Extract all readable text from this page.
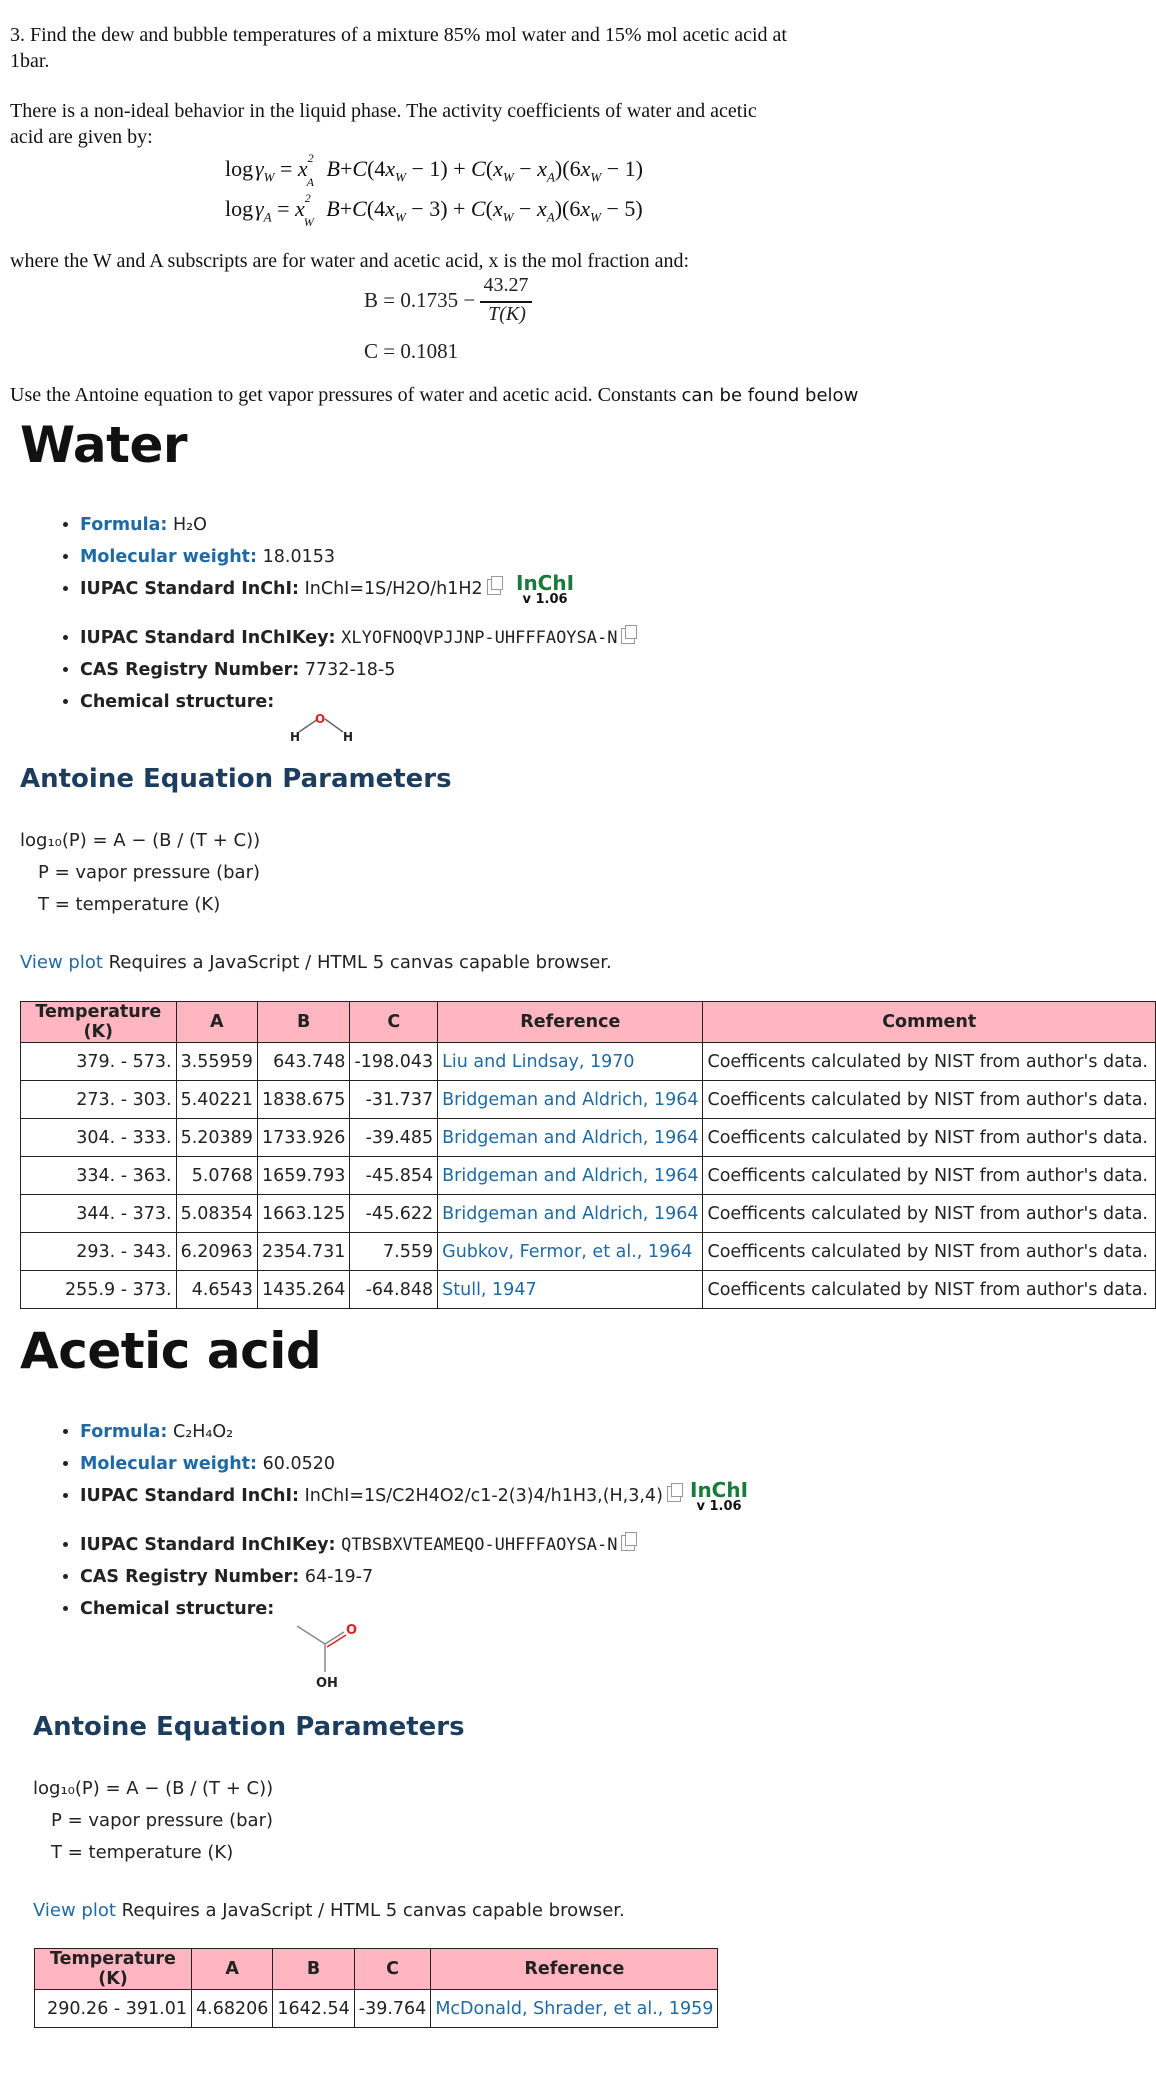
3. Find the dew and bubble temperatures of a mixture 85% mol water and 15% mol acetic acid at
1bar.
There is a non-ideal behavior in the liquid phase. The activity coefficients of water and acetic
acid are given by:
log $\gamma_W = x^2_A$ $B+C(4x_W - 1) + C(x_W - x_A)(6x_W - 1)$
log $\gamma_A = x^2_W$ $B+C(4x_W - 3) + C(x_W - x_A)(6x_W - 5)$
where the W and A subscripts are for water and acetic acid, x is the mol fraction and:
B = 0.1735 −
43.27
T(K)
C = 0.1081
Use the Antoine equation to get vapor pressures of water and acetic acid. Constants can be found below
Water
• Formula: H₂O
• Molecular weight: 18.0153
• IUPAC Standard InChI: InChI=1S/H2O/h1H2	InChI
v 1.06
• IUPAC Standard InChIKey: XLYOFNOQVPJJNP-UHFFFAOYSA-N
• CAS Registry Number: 7732-18-5
• Chemical structure:
O
H	H
Antoine Equation Parameters
log₁₀(P) = A − (B / (T + C))
P = vapor pressure (bar)
T = temperature (K)
View plot Requires a JavaScript / HTML 5 canvas capable browser.
Temperature (K)	A	B	C	Reference	Comment
379. - 573.	3.55959	643.748	-198.043	Liu and Lindsay, 1970	Coefficents calculated by NIST from author's data.
273. - 303.	5.40221	1838.675	-31.737	Bridgeman and Aldrich, 1964	Coefficents calculated by NIST from author's data.
304. - 333.	5.20389	1733.926	-39.485	Bridgeman and Aldrich, 1964	Coefficents calculated by NIST from author's data.
334. - 363.	5.0768	1659.793	-45.854	Bridgeman and Aldrich, 1964	Coefficents calculated by NIST from author's data.
344. - 373.	5.08354	1663.125	-45.622	Bridgeman and Aldrich, 1964	Coefficents calculated by NIST from author's data.
293. - 343.	6.20963	2354.731	7.559	Gubkov, Fermor, et al., 1964	Coefficents calculated by NIST from author's data.
255.9 - 373.	4.6543	1435.264	-64.848	Stull, 1947	Coefficents calculated by NIST from author's data.
Acetic acid
• Formula: C₂H₄O₂
• Molecular weight: 60.0520
• IUPAC Standard InChI: InChI=1S/C2H4O2/c1-2(3)4/h1H3,(H,3,4)	InChI
v 1.06
• IUPAC Standard InChIKey: QTBSBXVTEAMEQO-UHFFFAOYSA-N
• CAS Registry Number: 64-19-7
• Chemical structure:
O
OH
Antoine Equation Parameters
log₁₀(P) = A − (B / (T + C))
P = vapor pressure (bar)
T = temperature (K)
View plot Requires a JavaScript / HTML 5 canvas capable browser.
Temperature (K)	A	B	C	Reference
290.26 - 391.01	4.68206	1642.54	-39.764	McDonald, Shrader, et al., 1959
